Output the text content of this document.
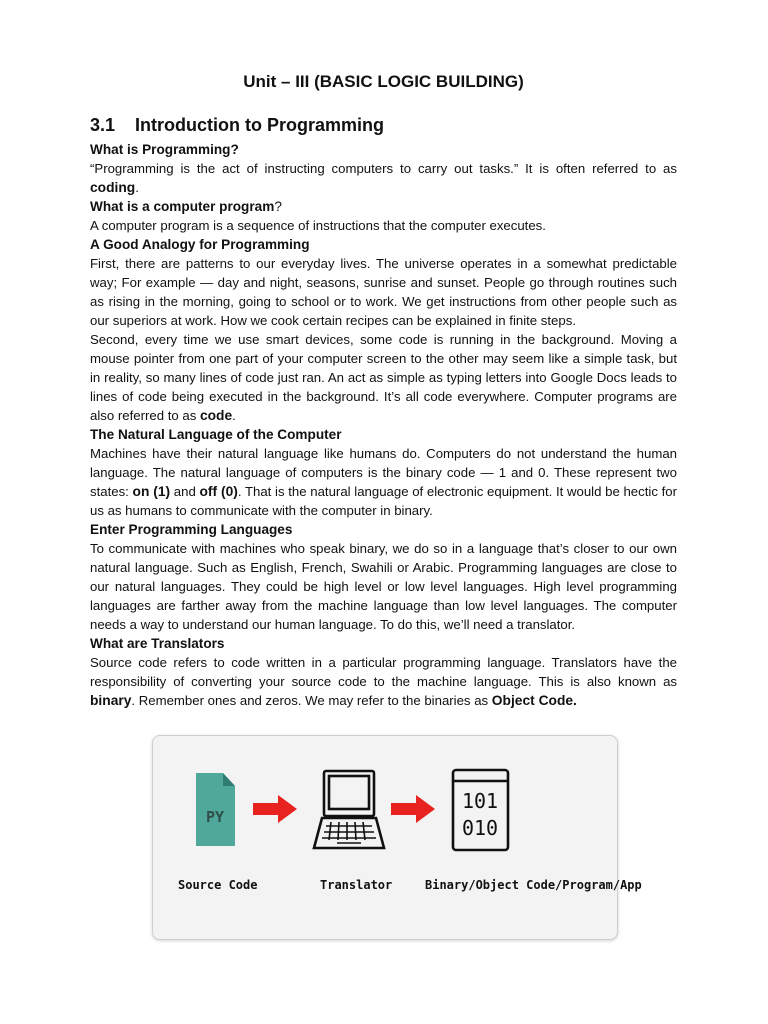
Unit – III (BASIC LOGIC BUILDING)
3.1 Introduction to Programming
What is Programming?

“Programming is the act of instructing computers to carry out tasks.” It is often referred to as coding.

What is a computer program?

A computer program is a sequence of instructions that the computer executes.

A Good Analogy for Programming

First, there are patterns to our everyday lives. The universe operates in a somewhat predictable way; For example — day and night, seasons, sunrise and sunset. People go through routines such as rising in the morning, going to school or to work. We get instructions from other people such as our superiors at work. How we cook certain recipes can be explained in finite steps.

Second, every time we use smart devices, some code is running in the background. Moving a mouse pointer from one part of your computer screen to the other may seem like a simple task, but in reality, so many lines of code just ran. An act as simple as typing letters into Google Docs leads to lines of code being executed in the background. It’s all code everywhere. Computer programs are also referred to as code.

The Natural Language of the Computer

Machines have their natural language like humans do. Computers do not understand the human language. The natural language of computers is the binary code — 1 and 0. These represent two states: on (1) and off (0). That is the natural language of electronic equipment. It would be hectic for us as humans to communicate with the computer in binary.

Enter Programming Languages

To communicate with machines who speak binary, we do so in a language that’s closer to our own natural language. Such as English, French, Swahili or Arabic. Programming languages are close to our natural languages. They could be high level or low level languages. High level programming languages are farther away from the machine language than low level languages. The computer needs a way to understand our human language. To do this, we’ll need a translator.

What are Translators

Source code refers to code written in a particular programming language. Translators have the responsibility of converting your source code to the machine language. This is also known as binary. Remember ones and zeros. We may refer to the binaries as Object Code.

PY
101
010
Source Code	Translator	Binary/Object Code/Program/App
